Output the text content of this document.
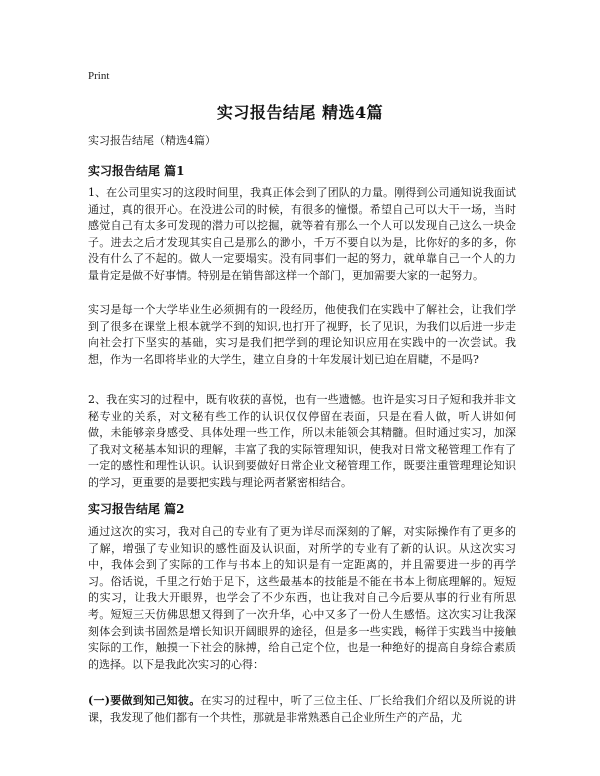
Print
实习报告结尾 精选4篇
实习报告结尾（精选4篇）
实习报告结尾 篇1
1、在公司里实习的这段时间里，我真正体会到了团队的力量。刚得到公司通知说我面试通过，真的很开心。在没进公司的时候，有很多的憧憬。希望自己可以大干一场，当时感觉自己有太多可发现的潜力可以挖掘，就等着有那么一个人可以发现自己这么一块金子。进去之后才发现其实自己是那么的渺小，千万不要自以为是，比你好的多的多，你没有什么了不起的。做人一定要塌实。没有同事们一起的努力，就单靠自己一个人的力量肯定是做不好事情。特别是在销售部这样一个部门，更加需要大家的一起努力。
实习是每一个大学毕业生必须拥有的一段经历，他使我们在实践中了解社会，让我们学到了很多在课堂上根本就学不到的知识,也打开了视野，长了见识，为我们以后进一步走向社会打下坚实的基础，实习是我们把学到的理论知识应用在实践中的一次尝试。我想，作为一名即将毕业的大学生，建立自身的十年发展计划已迫在眉睫，不是吗?
2、我在实习的过程中，既有收获的喜悦，也有一些遗憾。也许是实习日子短和我并非文秘专业的关系，对文秘有些工作的认识仅仅停留在表面，只是在看人做，听人讲如何做，未能够亲身感受、具体处理一些工作，所以未能领会其精髓。但时通过实习，加深了我对文秘基本知识的理解，丰富了我的实际管理知识，使我对日常文秘管理工作有了一定的感性和理性认识。认识到要做好日常企业文秘管理工作，既要注重管理理论知识的学习，更重要的是要把实践与理论两者紧密相结合。
实习报告结尾 篇2
通过这次的实习，我对自己的专业有了更为详尽而深刻的了解，对实际操作有了更多的了解，增强了专业知识的感性面及认识面，对所学的专业有了新的认识。从这次实习中，我体会到了实际的工作与书本上的知识是有一定距离的，并且需要进一步的再学习。俗话说，千里之行始于足下，这些最基本的技能是不能在书本上彻底理解的。短短的实习，让我大开眼界，也学会了不少东西，也让我对自己今后要从事的行业有所思考。短短三天仿佛思想又得到了一次升华，心中又多了一份人生感悟。这次实习让我深刻体会到读书固然是增长知识开阔眼界的途径，但是多一些实践，畅徉于实践当中接触实际的工作，触摸一下社会的脉搏，给自己定个位，也是一种绝好的提高自身综合素质的选择。以下是我此次实习的心得：
(一)要做到知己知彼。在实习的过程中，听了三位主任、厂长给我们介绍以及所说的讲课，我发现了他们都有一个共性，那就是非常熟悉自己企业所生产的产品，尤
